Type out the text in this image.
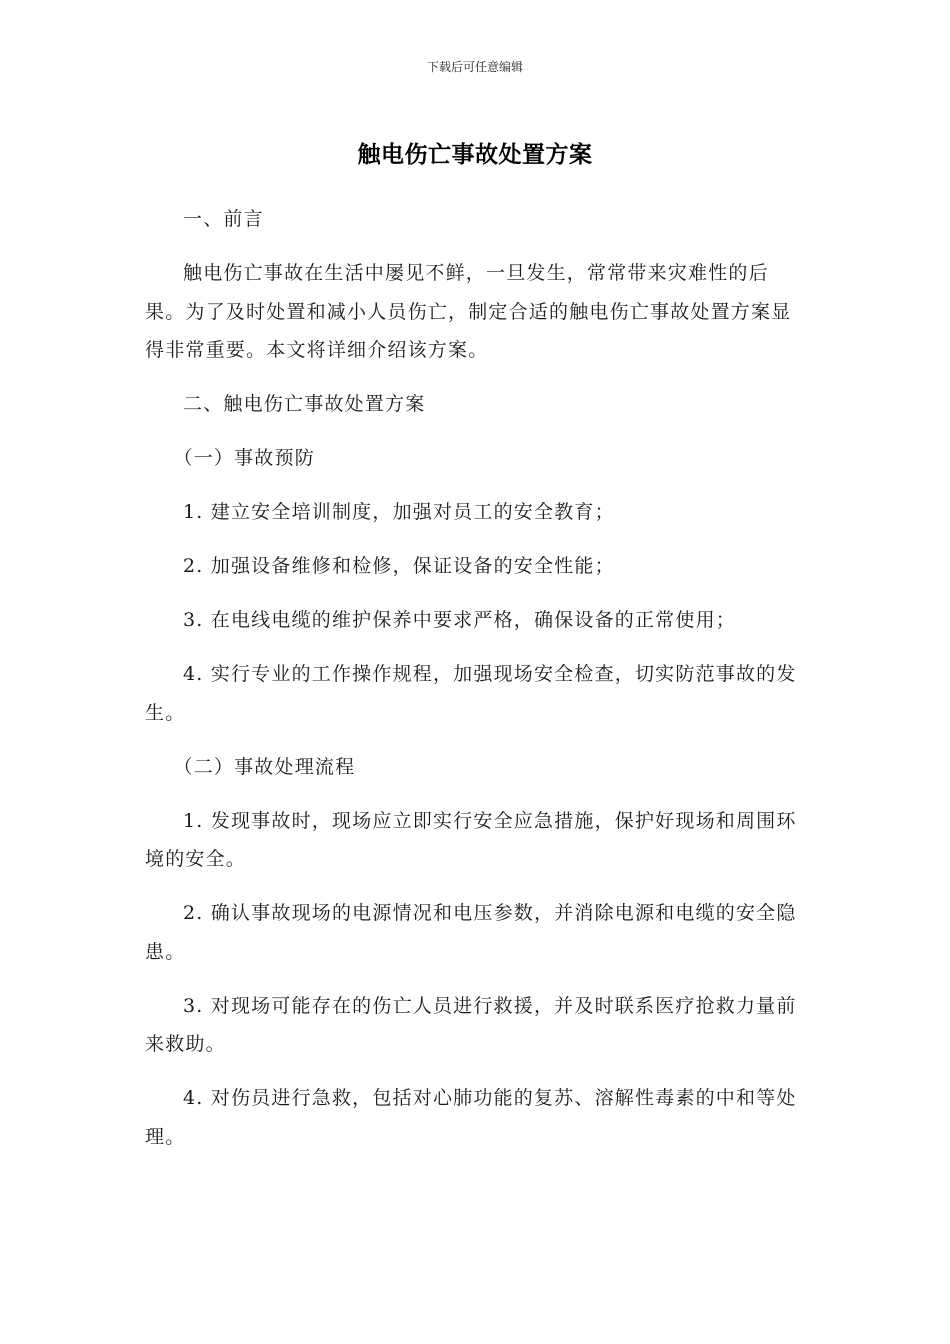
下载后可任意编辑
触电伤亡事故处置方案

一、前言

触电伤亡事故在生活中屡见不鲜，一旦发生，常常带来灾难性的后果。为了及时处置和减小人员伤亡，制定合适的触电伤亡事故处置方案显得非常重要。本文将详细介绍该方案。

二、触电伤亡事故处置方案

（一）事故预防

1. 建立安全培训制度，加强对员工的安全教育；

2. 加强设备维修和检修，保证设备的安全性能；

3. 在电线电缆的维护保养中要求严格，确保设备的正常使用；

4. 实行专业的工作操作规程，加强现场安全检查，切实防范事故的发生。

（二）事故处理流程

1. 发现事故时，现场应立即实行安全应急措施，保护好现场和周围环境的安全。

2. 确认事故现场的电源情况和电压参数，并消除电源和电缆的安全隐患。

3. 对现场可能存在的伤亡人员进行救援，并及时联系医疗抢救力量前来救助。

4. 对伤员进行急救，包括对心肺功能的复苏、溶解性毒素的中和等处理。
